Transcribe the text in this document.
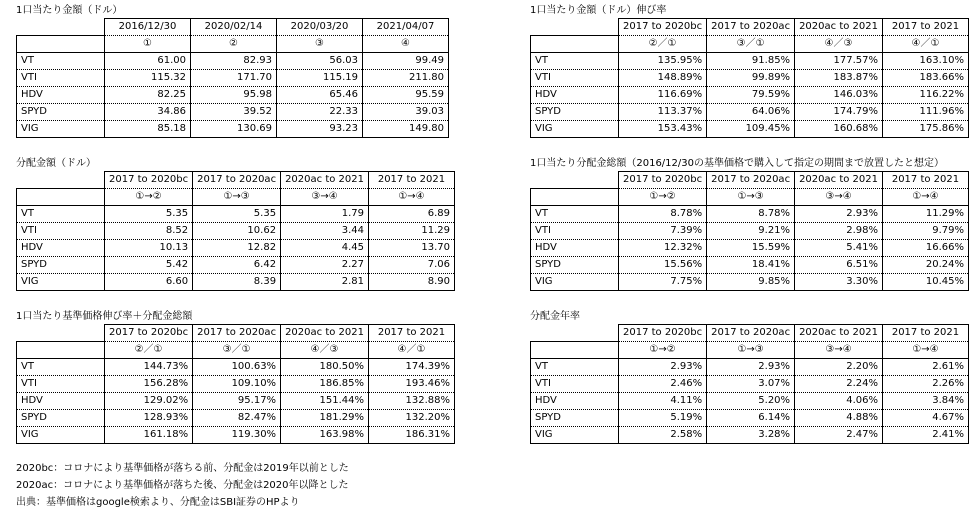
1口当たり金額（ドル）
	2016/12/30	2020/02/14	2020/03/20	2021/04/07
	①	②	③	④
VT	61.00	82.93	56.03	99.49
VTI	115.32	171.70	115.19	211.80
HDV	82.25	95.98	65.46	95.59
SPYD	34.86	39.52	22.33	39.03
VIG	85.18	130.69	93.23	149.80
1口当たり金額（ドル）伸び率
	2017 to 2020bc	2017 to 2020ac	2020ac to 2021	2017 to 2021
	②／①	③／①	④／③	④／①
VT	135.95%	91.85%	177.57%	163.10%
VTI	148.89%	99.89%	183.87%	183.66%
HDV	116.69%	79.59%	146.03%	116.22%
SPYD	113.37%	64.06%	174.79%	111.96%
VIG	153.43%	109.45%	160.68%	175.86%
分配金額（ドル）
	2017 to 2020bc	2017 to 2020ac	2020ac to 2021	2017 to 2021
	①→②	①→③	③→④	①→④
VT	5.35	5.35	1.79	6.89
VTI	8.52	10.62	3.44	11.29
HDV	10.13	12.82	4.45	13.70
SPYD	5.42	6.42	2.27	7.06
VIG	6.60	8.39	2.81	8.90
1口当たり分配金総額（2016/12/30の基準価格で購入して指定の期間まで放置したと想定）
	2017 to 2020bc	2017 to 2020ac	2020ac to 2021	2017 to 2021
	①→②	①→③	③→④	①→④
VT	8.78%	8.78%	2.93%	11.29%
VTI	7.39%	9.21%	2.98%	9.79%
HDV	12.32%	15.59%	5.41%	16.66%
SPYD	15.56%	18.41%	6.51%	20.24%
VIG	7.75%	9.85%	3.30%	10.45%
1口当たり基準価格伸び率＋分配金総額
	2017 to 2020bc	2017 to 2020ac	2020ac to 2021	2017 to 2021
	②／①	③／①	④／③	④／①
VT	144.73%	100.63%	180.50%	174.39%
VTI	156.28%	109.10%	186.85%	193.46%
HDV	129.02%	95.17%	151.44%	132.88%
SPYD	128.93%	82.47%	181.29%	132.20%
VIG	161.18%	119.30%	163.98%	186.31%
分配金年率
	2017 to 2020bc	2017 to 2020ac	2020ac to 2021	2017 to 2021
	①→②	①→③	③→④	①→④
VT	2.93%	2.93%	2.20%	2.61%
VTI	2.46%	3.07%	2.24%	2.26%
HDV	4.11%	5.20%	4.06%	3.84%
SPYD	5.19%	6.14%	4.88%	4.67%
VIG	2.58%	3.28%	2.47%	2.41%
2020bc：コロナにより基準価格が落ちる前、分配金は2019年以前とした
2020ac：コロナにより基準価格が落ちた後、分配金は2020年以降とした
出典：基準価格はgoogle検索より、分配金はSBI証券のHPより
